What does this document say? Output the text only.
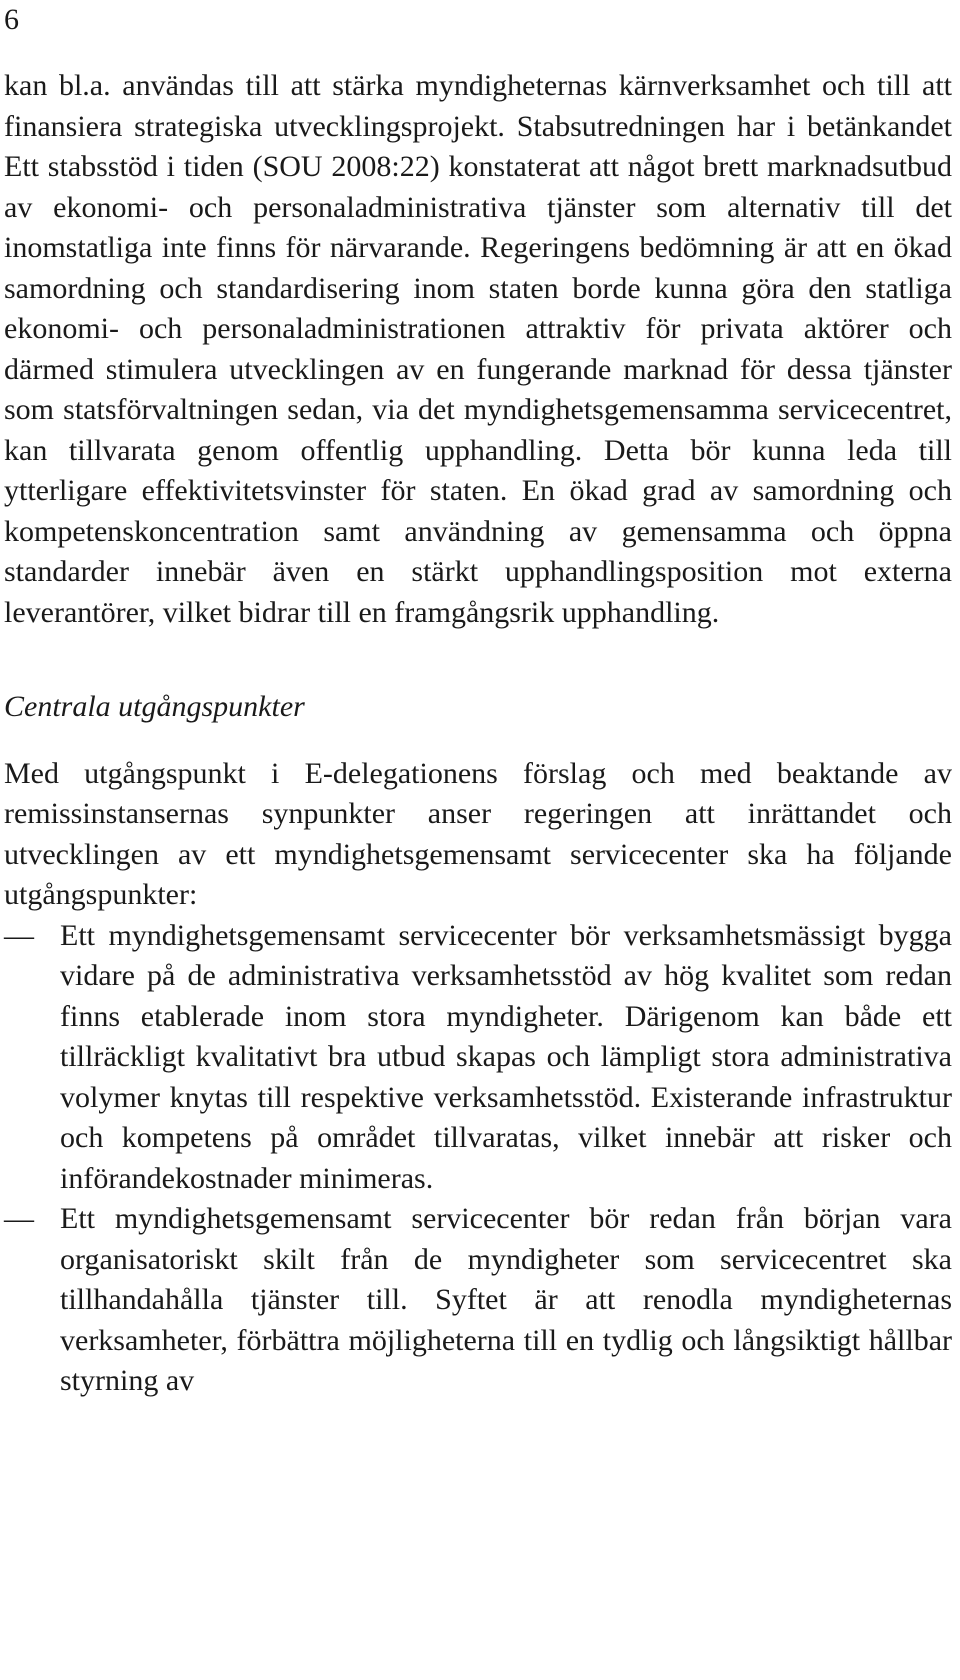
6

kan bl.a. användas till att stärka myndigheternas kärnverksamhet och till att finansiera strategiska utvecklingsprojekt. Stabsutredningen har i betänkandet Ett stabsstöd i tiden (SOU 2008:22) konstaterat att något brett marknadsutbud av ekonomi- och personaladministrativa tjänster som alternativ till det inomstatliga inte finns för närvarande. Regeringens bedömning är att en ökad samordning och standardisering inom staten borde kunna göra den statliga ekonomi- och personaladministrationen attraktiv för privata aktörer och därmed stimulera utvecklingen av en fungerande marknad för dessa tjänster som statsförvaltningen sedan, via det myndighetsgemensamma servicecentret, kan tillvarata genom offentlig upphandling. Detta bör kunna leda till ytterligare effektivitetsvinster för staten. En ökad grad av samordning och kompetenskoncentration samt användning av gemensamma och öppna standarder innebär även en stärkt upphandlingsposition mot externa leverantörer, vilket bidrar till en framgångsrik upphandling.

Centrala utgångspunkter

Med utgångspunkt i E-delegationens förslag och med beaktande av remissinstansernas synpunkter anser regeringen att inrättandet och utvecklingen av ett myndighetsgemensamt servicecenter ska ha följande utgångspunkter:

— Ett myndighetsgemensamt servicecenter bör verksamhetsmässigt bygga vidare på de administrativa verksamhetsstöd av hög kvalitet som redan finns etablerade inom stora myndigheter. Därigenom kan både ett tillräckligt kvalitativt bra utbud skapas och lämpligt stora administrativa volymer knytas till respektive verksamhetsstöd. Existerande infrastruktur och kompetens på området tillvaratas, vilket innebär att risker och införandekostnader minimeras.
— Ett myndighetsgemensamt servicecenter bör redan från början vara organisatoriskt skilt från de myndigheter som servicecentret ska tillhandahålla tjänster till. Syftet är att renodla myndigheternas verksamheter, förbättra möjligheterna till en tydlig och långsiktigt hållbar styrning av
